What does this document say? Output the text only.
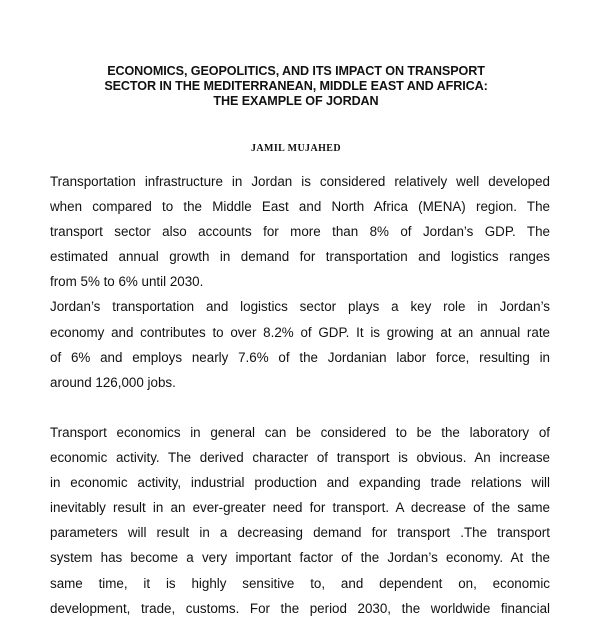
ECONOMICS, GEOPOLITICS, AND ITS IMPACT ON TRANSPORT
SECTOR IN THE MEDITERRANEAN, MIDDLE EAST AND AFRICA:
THE EXAMPLE OF JORDAN
JAMIL MUJAHED
Transportation infrastructure in Jordan is considered relatively well developed
when compared to the Middle East and North Africa (MENA) region. The
transport sector also accounts for more than 8% of Jordan’s GDP. The
estimated annual growth in demand for transportation and logistics ranges
from 5% to 6% until 2030.
Jordan’s transportation and logistics sector plays a key role in Jordan’s
economy and contributes to over 8.2% of GDP. It is growing at an annual rate
of 6% and employs nearly 7.6% of the Jordanian labor force, resulting in
around 126,000 jobs.
Transport economics in general can be considered to be the laboratory of
economic activity. The derived character of transport is obvious. An increase
in economic activity, industrial production and expanding trade relations will
inevitably result in an ever-greater need for transport. A decrease of the same
parameters will result in a decreasing demand for transport .The transport
system has become a very important factor of the Jordan’s economy. At the
same time, it is highly sensitive to, and dependent on, economic
development, trade, customs. For the period 2030, the worldwide financial
